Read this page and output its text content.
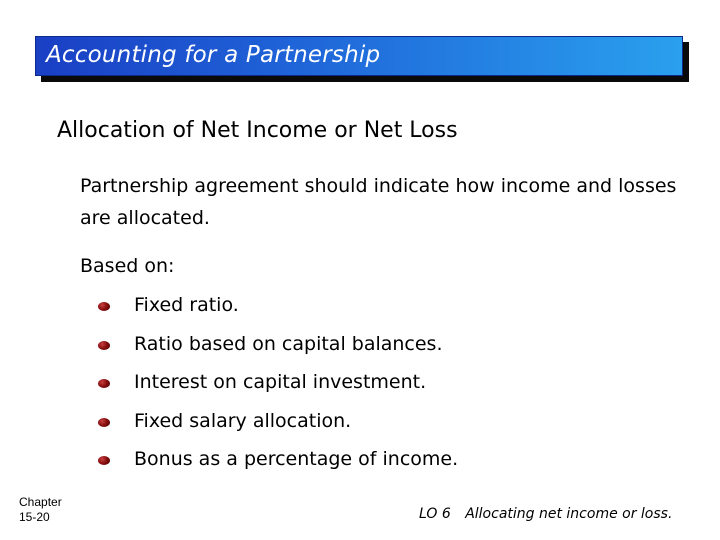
Accounting for a Partnership
Allocation of Net Income or Net Loss
Partnership agreement should indicate how income and losses are allocated.
Based on:
Fixed ratio.
Ratio based on capital balances.
Interest on capital investment.
Fixed salary allocation.
Bonus as a percentage of income.
Chapter
15-20	LO 6 Allocating net income or loss.
